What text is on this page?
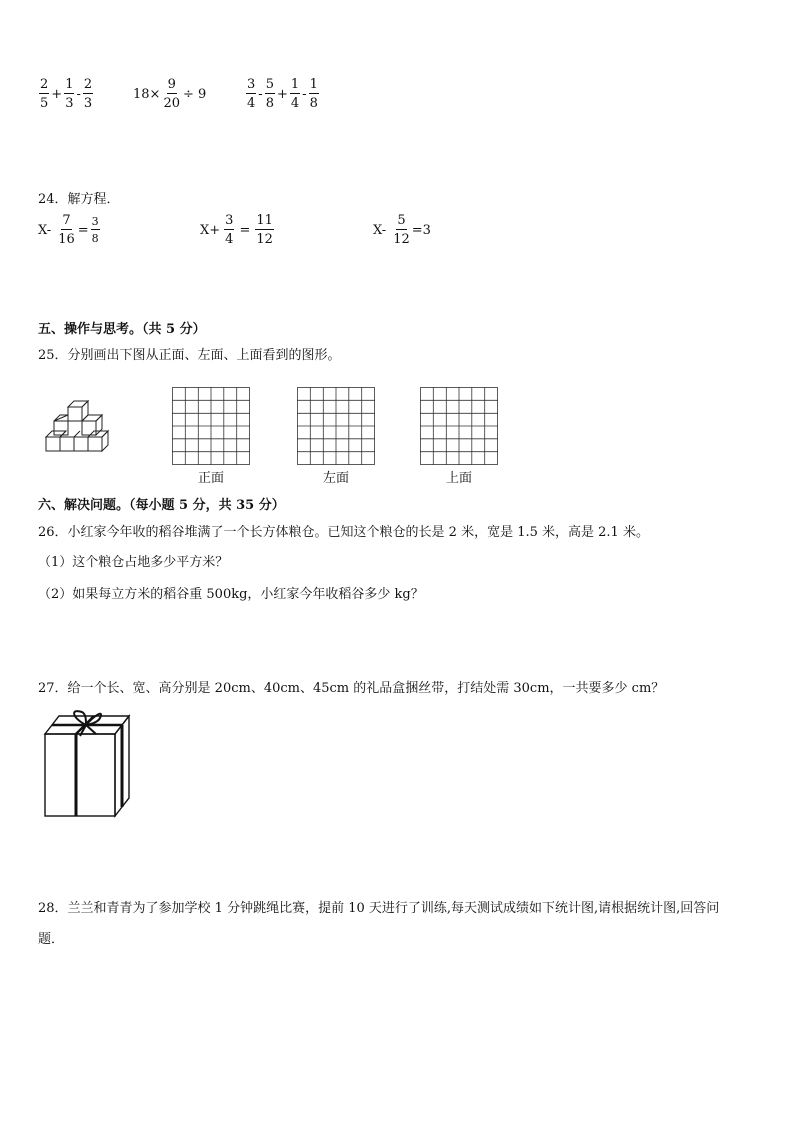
$\frac{2}{5} + \frac{1}{3} - \frac{2}{3}$	$18\times \frac{9}{20} \div 9$	$\frac{3}{4} - \frac{5}{8} + \frac{1}{4} - \frac{1}{8}$
24．解方程．
$X- \frac{7}{16} = \frac{3}{8}$	$X+ \frac{3}{4} = \frac{11}{12}$	$X- \frac{5}{12} =3$
五、操作与思考。（共 5 分）
25．分别画出下图从正面、左面、上面看到的图形。
正面	左面	上面
六、解决问题。（每小题 5 分，共 35 分）
26．小红家今年收的稻谷堆满了一个长方体粮仓。已知这个粮仓的长是 2 米，宽是 1.5 米，高是 2.1 米。
（1）这个粮仓占地多少平方米？
（2）如果每立方米的稻谷重 500kg，小红家今年收稻谷多少 kg？
27．给一个长、宽、高分别是 20cm、40cm、45cm 的礼品盒捆丝带，打结处需 30cm，一共要多少 cm？
28．兰兰和青青为了参加学校 1 分钟跳绳比赛，提前 10 天进行了训练,每天测试成绩如下统计图,请根据统计图,回答问
题．
